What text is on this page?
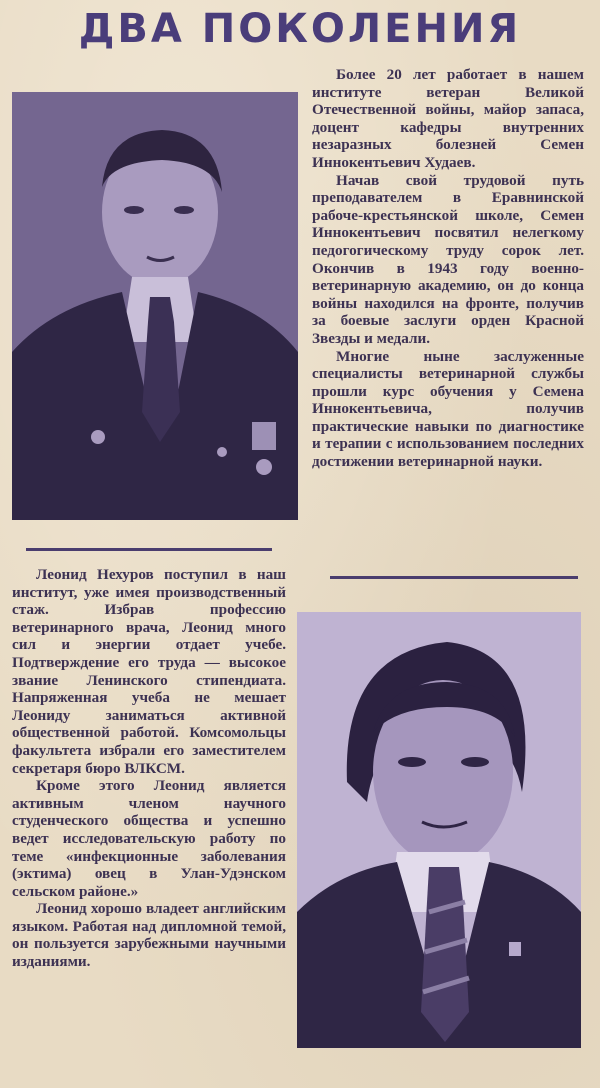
ДВА ПОКОЛЕНИЯ

Более 20 лет работает в нашем институте ветеран Великой Отечественной войны, майор запаса, доцент кафедры внутренних незаразных болезней Семен Иннокентьевич Худаев.

Начав свой трудовой путь преподавателем в Еравнинской рабоче-крестьянской школе, Семен Иннокентьевич посвятил нелегкому педогогическому труду сорок лет. Окончив в 1943 году военно-ветеринарную академию, он до конца войны находился на фронте, получив за боевые заслуги орден Красной Звезды и медали.

Многие ныне заслуженные специалисты ветеринарной службы прошли курс обучения у Семена Иннокентьевича, получив практические навыки по диагностике и терапии с использованием последних достижении ветеринарной науки.

Леонид Нехуров поступил в наш институт, уже имея производственный стаж. Избрав профессию ветеринарного врача, Леонид много сил и энергии отдает учебе. Подтверждение его труда — высокое звание Ленинского стипендиата. Напряженная учеба не мешает Леониду заниматься активной общественной работой. Комсомольцы факультета избрали его заместителем секретаря бюро ВЛКСМ.

Кроме этого Леонид является активным членом научного студенческого общества и успешно ведет исследовательскую работу по теме «инфекционные заболевания (эктима) овец в Улан-Удэнском сельском районе.»

Леонид хорошо владеет английским языком. Работая над дипломной темой, он пользуется зарубежными научными изданиями.
